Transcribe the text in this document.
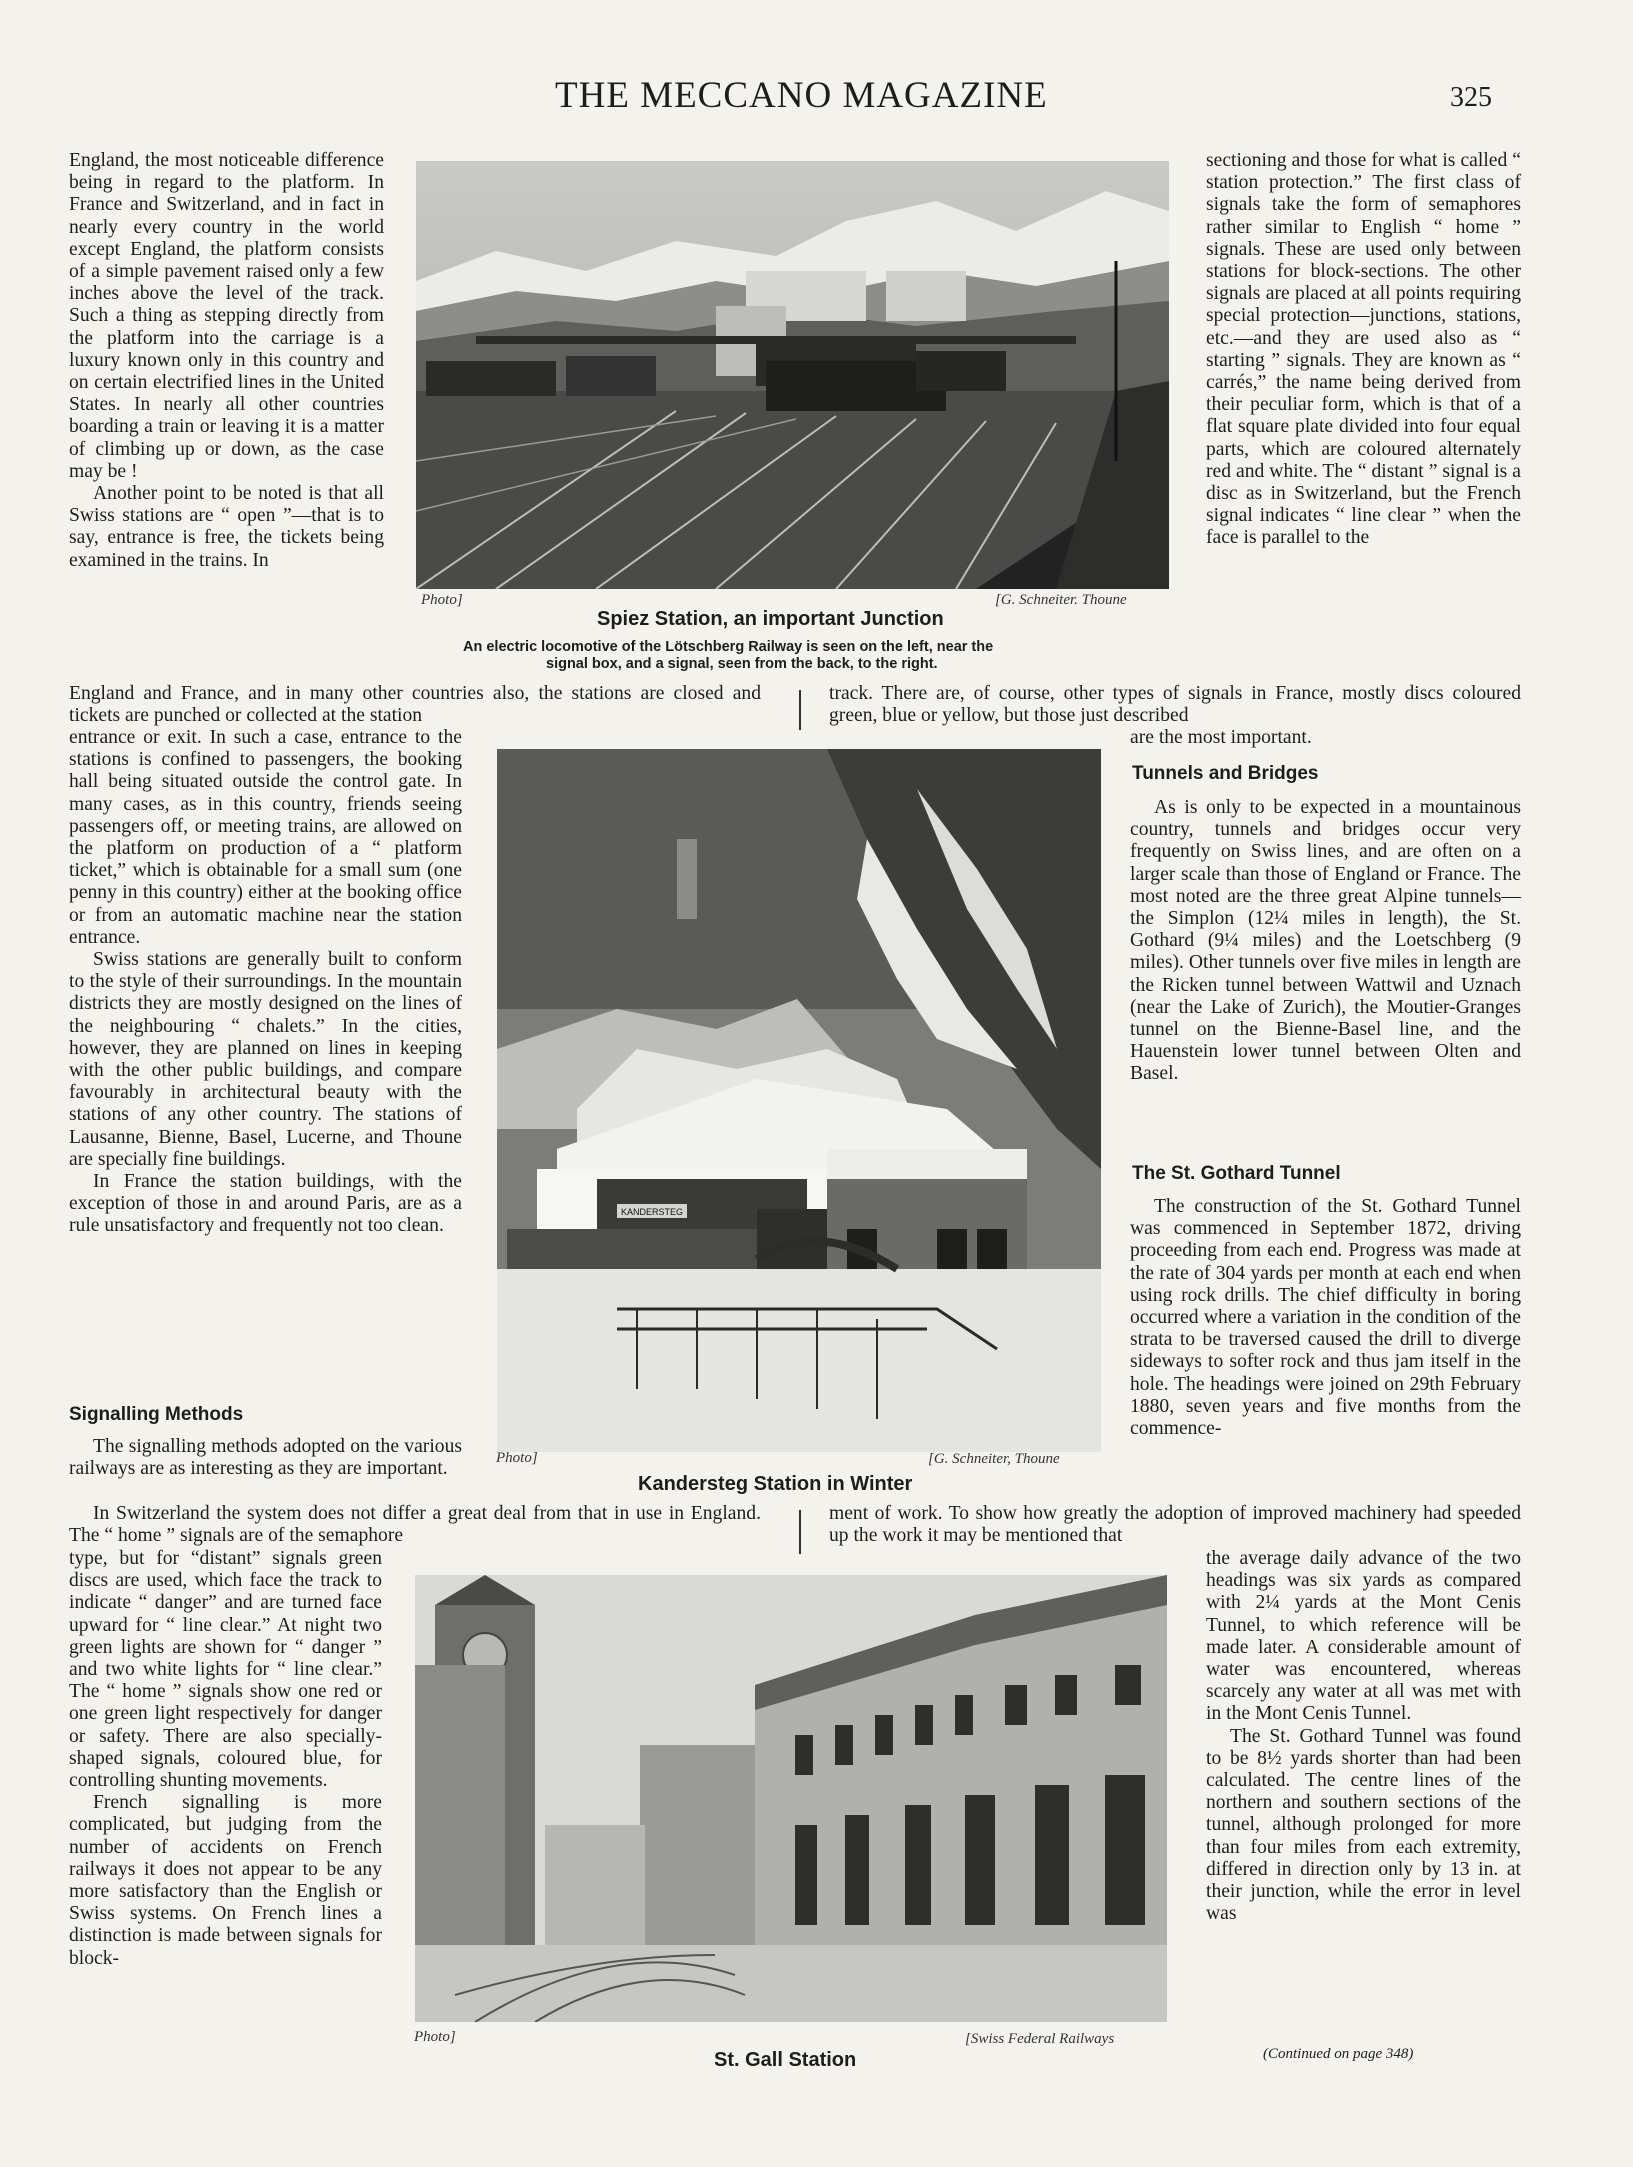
THE MECCANO MAGAZINE	325
Photo]	[G. Schneiter. Thoune
Spiez Station, an important Junction
An electric locomotive of the Lötschberg Railway is seen on the left, near the
signal box, and a signal, seen from the back, to the right.
KANDERSTEG
Photo]	[G. Schneiter, Thoune
Kandersteg Station in Winter
Photo]	[Swiss Federal Railways
St. Gall Station

England, the most noticeable difference being in regard to the platform. In France and Switzerland, and in fact in nearly every country in the world except England, the platform consists of a simple pavement raised only a few inches above the level of the track. Such a thing as stepping directly from the platform into the carriage is a luxury known only in this country and on certain electrified lines in the United States. In nearly all other countries boarding a train or leaving it is a matter of climbing up or down, as the case may be !

Another point to be noted is that all Swiss stations are “ open ”—that is to say, entrance is free, the tickets being examined in the trains. In

England and France, and in many other countries also, the stations are closed and tickets are punched or collected at the station

entrance or exit. In such a case, entrance to the stations is confined to passengers, the booking hall being situated outside the control gate. In many cases, as in this country, friends seeing passengers off, or meeting trains, are allowed on the platform on production of a “ platform ticket,” which is obtainable for a small sum (one penny in this country) either at the booking office or from an automatic machine near the station entrance.

Swiss stations are generally built to conform to the style of their surroundings. In the mountain districts they are mostly designed on the lines of the neighbouring “ chalets.” In the cities, however, they are planned on lines in keeping with the other public buildings, and compare favourably in architectural beauty with the stations of any other country. The stations of Lausanne, Bienne, Basel, Lucerne, and Thoune are specially fine buildings.

In France the station buildings, with the exception of those in and around Paris, are as a rule unsatisfactory and frequently not too clean.

Signalling Methods

The signalling methods adopted on the various railways are as interesting as they are important.

In Switzerland the system does not differ a great deal from that in use in England. The “ home ” signals are of the semaphore

type, but for “distant” signals green discs are used, which face the track to indicate “ danger” and are turned face upward for “ line clear.” At night two green lights are shown for “ danger ” and two white lights for “ line clear.” The “ home ” signals show one red or one green light respectively for danger or safety. There are also specially-shaped signals, coloured blue, for controlling shunting movements.

French signalling is more complicated, but judging from the number of accidents on French railways it does not appear to be any more satisfactory than the English or Swiss systems. On French lines a distinction is made between signals for block-

sectioning and those for what is called “ station protection.” The first class of signals take the form of semaphores rather similar to English “ home ” signals. These are used only between stations for block-sections. The other signals are placed at all points requiring special protection—junctions, stations, etc.—and they are used also as “ starting ” signals. They are known as “ carrés,” the name being derived from their peculiar form, which is that of a flat square plate divided into four equal parts, which are coloured alternately red and white. The “ distant ” signal is a disc as in Switzerland, but the French signal indicates “ line clear ” when the face is parallel to the

track. There are, of course, other types of signals in France, mostly discs coloured green, blue or yellow, but those just described

are the most important.

Tunnels and Bridges

As is only to be expected in a mountainous country, tunnels and bridges occur very frequently on Swiss lines, and are often on a larger scale than those of England or France. The most noted are the three great Alpine tunnels—the Simplon (12¼ miles in length), the St. Gothard (9¼ miles) and the Loetschberg (9 miles). Other tunnels over five miles in length are the Ricken tunnel between Wattwil and Uznach (near the Lake of Zurich), the Moutier-Granges tunnel on the Bienne-Basel line, and the Hauenstein lower tunnel between Olten and Basel.

The St. Gothard Tunnel

The construction of the St. Gothard Tunnel was commenced in September 1872, driving proceeding from each end. Progress was made at the rate of 304 yards per month at each end when using rock drills. The chief difficulty in boring occurred where a variation in the condition of the strata to be traversed caused the drill to diverge sideways to softer rock and thus jam itself in the hole. The headings were joined on 29th February 1880, seven years and five months from the commence-

ment of work. To show how greatly the adoption of improved machinery had speeded up the work it may be mentioned that

the average daily advance of the two headings was six yards as compared with 2¼ yards at the Mont Cenis Tunnel, to which reference will be made later. A considerable amount of water was encountered, whereas scarcely any water at all was met with in the Mont Cenis Tunnel.

The St. Gothard Tunnel was found to be 8½ yards shorter than had been calculated. The centre lines of the northern and southern sections of the tunnel, although prolonged for more than four miles from each extremity, differed in direction only by 13 in. at their junction, while the error in level was

(Continued on page 348)
